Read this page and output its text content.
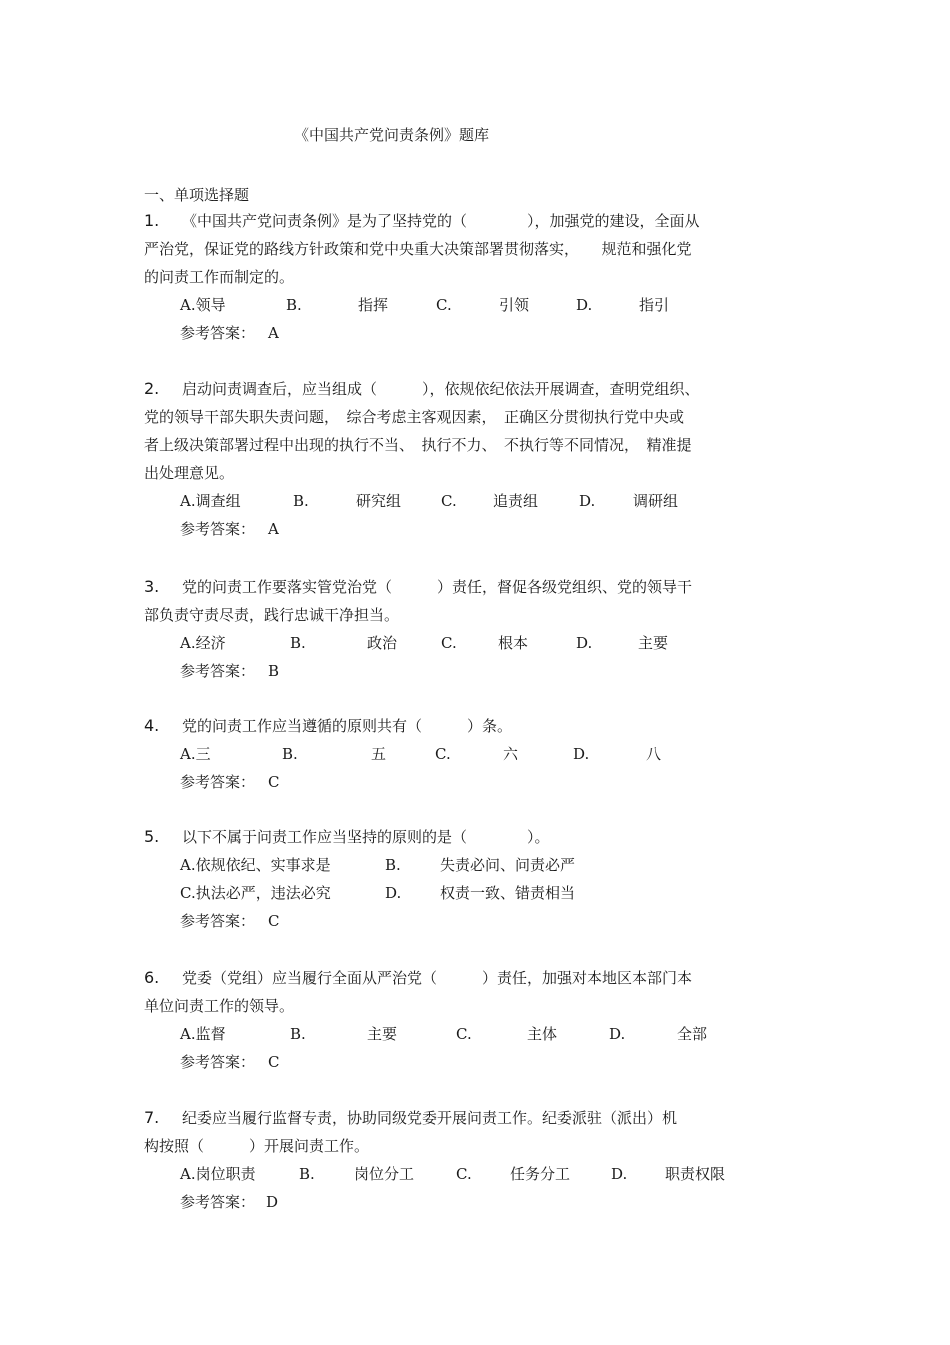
《中国共产党问责条例》题库
一、单项选择题
1. 《中国共产党问责条例》是为了坚持党的（　　　　），加强党的建设，全面从
严治党，保证党的路线方针政策和党中央重大决策部署贯彻落实，　　规范和强化党
的问责工作而制定的。
A.领导	B.	指挥	C.	引领	D.	指引
参考答案： A
2. 启动问责调查后，应当组成（　　　），依规依纪依法开展调查，查明党组织、
党的领导干部失职失责问题，　综合考虑主客观因素，　正确区分贯彻执行党中央或
者上级决策部署过程中出现的执行不当、　执行不力、　不执行等不同情况，　精准提
出处理意见。
A.调查组	B.	研究组	C. 追责组	D.	调研组
参考答案： A
3. 党的问责工作要落实管党治党（　　　）责任，督促各级党组织、党的领导干
部负责守责尽责，践行忠诚干净担当。
A.经济	B.	政治	C.	根本	D.	主要
参考答案： B
4. 党的问责工作应当遵循的原则共有（　　　）条。
A.三	B.	五	C.	六	D.	八
参考答案： C
5. 以下不属于问责工作应当坚持的原则的是（　　　　）。
A.依规依纪、实事求是	B.	失责必问、问责必严
C.执法必严，违法必究	D.	权责一致、错责相当
参考答案： C
6. 党委（党组）应当履行全面从严治党（　　　）责任，加强对本地区本部门本
单位问责工作的领导。
A.监督	B.	主要	C.	主体	D.	全部
参考答案： C
7. 纪委应当履行监督专责，协助同级党委开展问责工作。纪委派驻（派出）机
构按照（　　　）开展问责工作。
A.岗位职责	B.	岗位分工	C.	任务分工	D.	职责权限
参考答案： D
